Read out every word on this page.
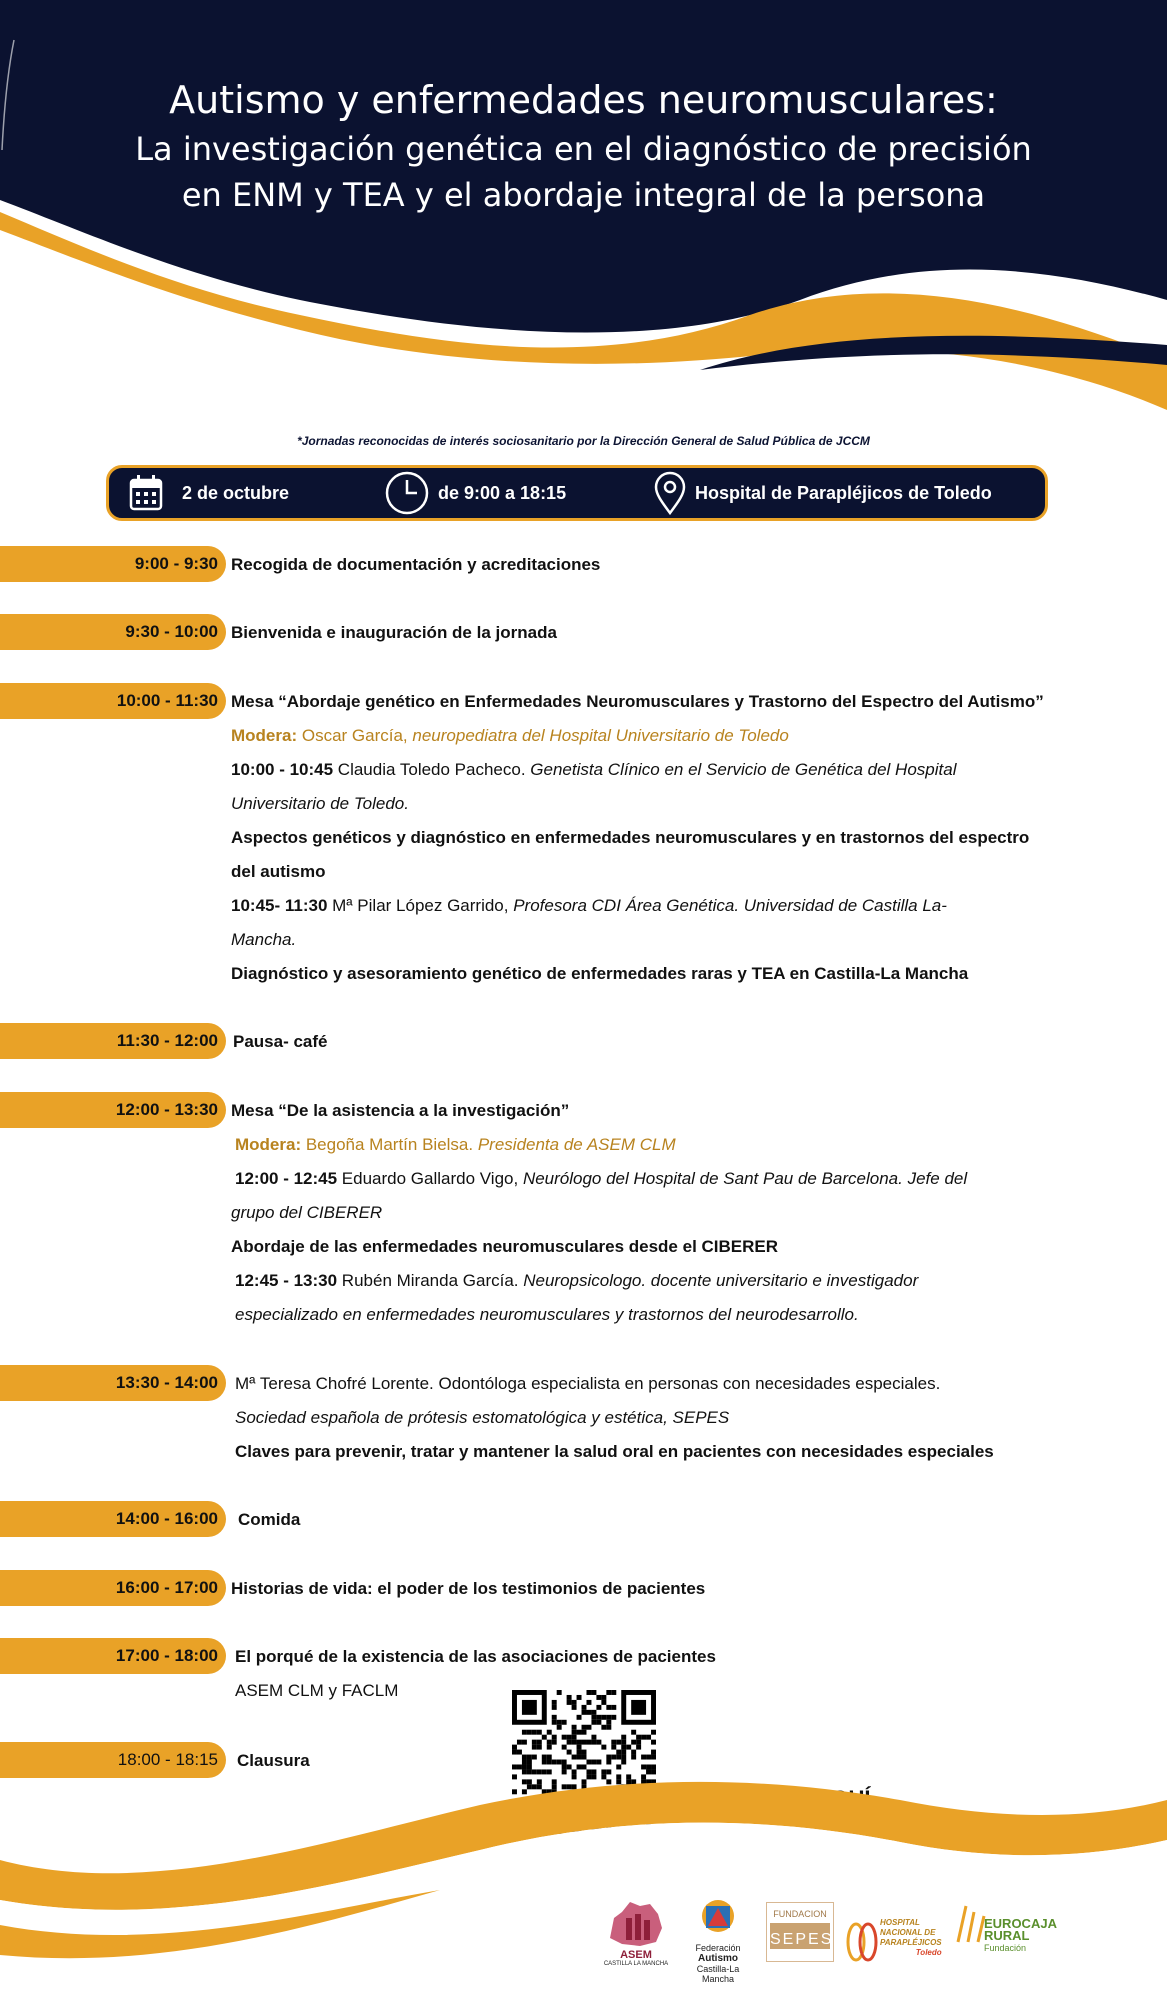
Autismo y enfermedades neuromusculares:
La investigación genética en el diagnóstico de precisión
en ENM y TEA y el abordaje integral de la persona
*Jornadas reconocidas de interés sociosanitario por la Dirección General de Salud Pública de JCCM
2 de octubre	de 9:00 a 18:15	Hospital de Parapléjicos de Toledo
9:00 - 9:30 Recogida de documentación y acreditaciones
9:30 - 10:00 Bienvenida e inauguración de la jornada
10:00 - 11:30 Mesa “Abordaje genético en Enfermedades Neuromusculares y Trastorno del Espectro del Autismo”
Modera: Oscar García, neuropediatra del Hospital Universitario de Toledo
10:00 - 10:45 Claudia Toledo Pacheco. Genetista Clínico en el Servicio de Genética del Hospital
Universitario de Toledo.
Aspectos genéticos y diagnóstico en enfermedades neuromusculares y en trastornos del espectro
del autismo
10:45- 11:30 Mª Pilar López Garrido, Profesora CDI Área Genética. Universidad de Castilla La-
Mancha.
Diagnóstico y asesoramiento genético de enfermedades raras y TEA en Castilla-La Mancha
11:30 - 12:00 Pausa- café
12:00 - 13:30 Mesa “De la asistencia a la investigación”
Modera: Begoña Martín Bielsa. Presidenta de ASEM CLM
12:00 - 12:45 Eduardo Gallardo Vigo, Neurólogo del Hospital de Sant Pau de Barcelona. Jefe del
grupo del CIBERER
Abordaje de las enfermedades neuromusculares desde el CIBERER
12:45 - 13:30 Rubén Miranda García. Neuropsicologo. docente universitario e investigador
especializado en enfermedades neuromusculares y trastornos del neurodesarrollo.
13:30 - 14:00	Mª Teresa Chofré Lorente. Odontóloga especialista en personas con necesidades especiales.
Sociedad española de prótesis estomatológica y estética, SEPES
Claves para prevenir, tratar y mantener la salud oral en pacientes con necesidades especiales
14:00 - 16:00	Comida
16:00 - 17:00 Historias de vida: el poder de los testimonios de pacientes
17:00 - 18:00	El porqué de la existencia de las asociaciones de pacientes
ASEM CLM y FACLM
18:00 - 18:15	Clausura
ASEM
CASTILLA LA MANCHA
Federación
Autismo
Castilla-La Mancha
FUNDACION
SEPES
HOSPITAL
NACIONAL DE
PARAPLÉJICOS
Toledo
EUROCAJA
RURAL
Fundación
